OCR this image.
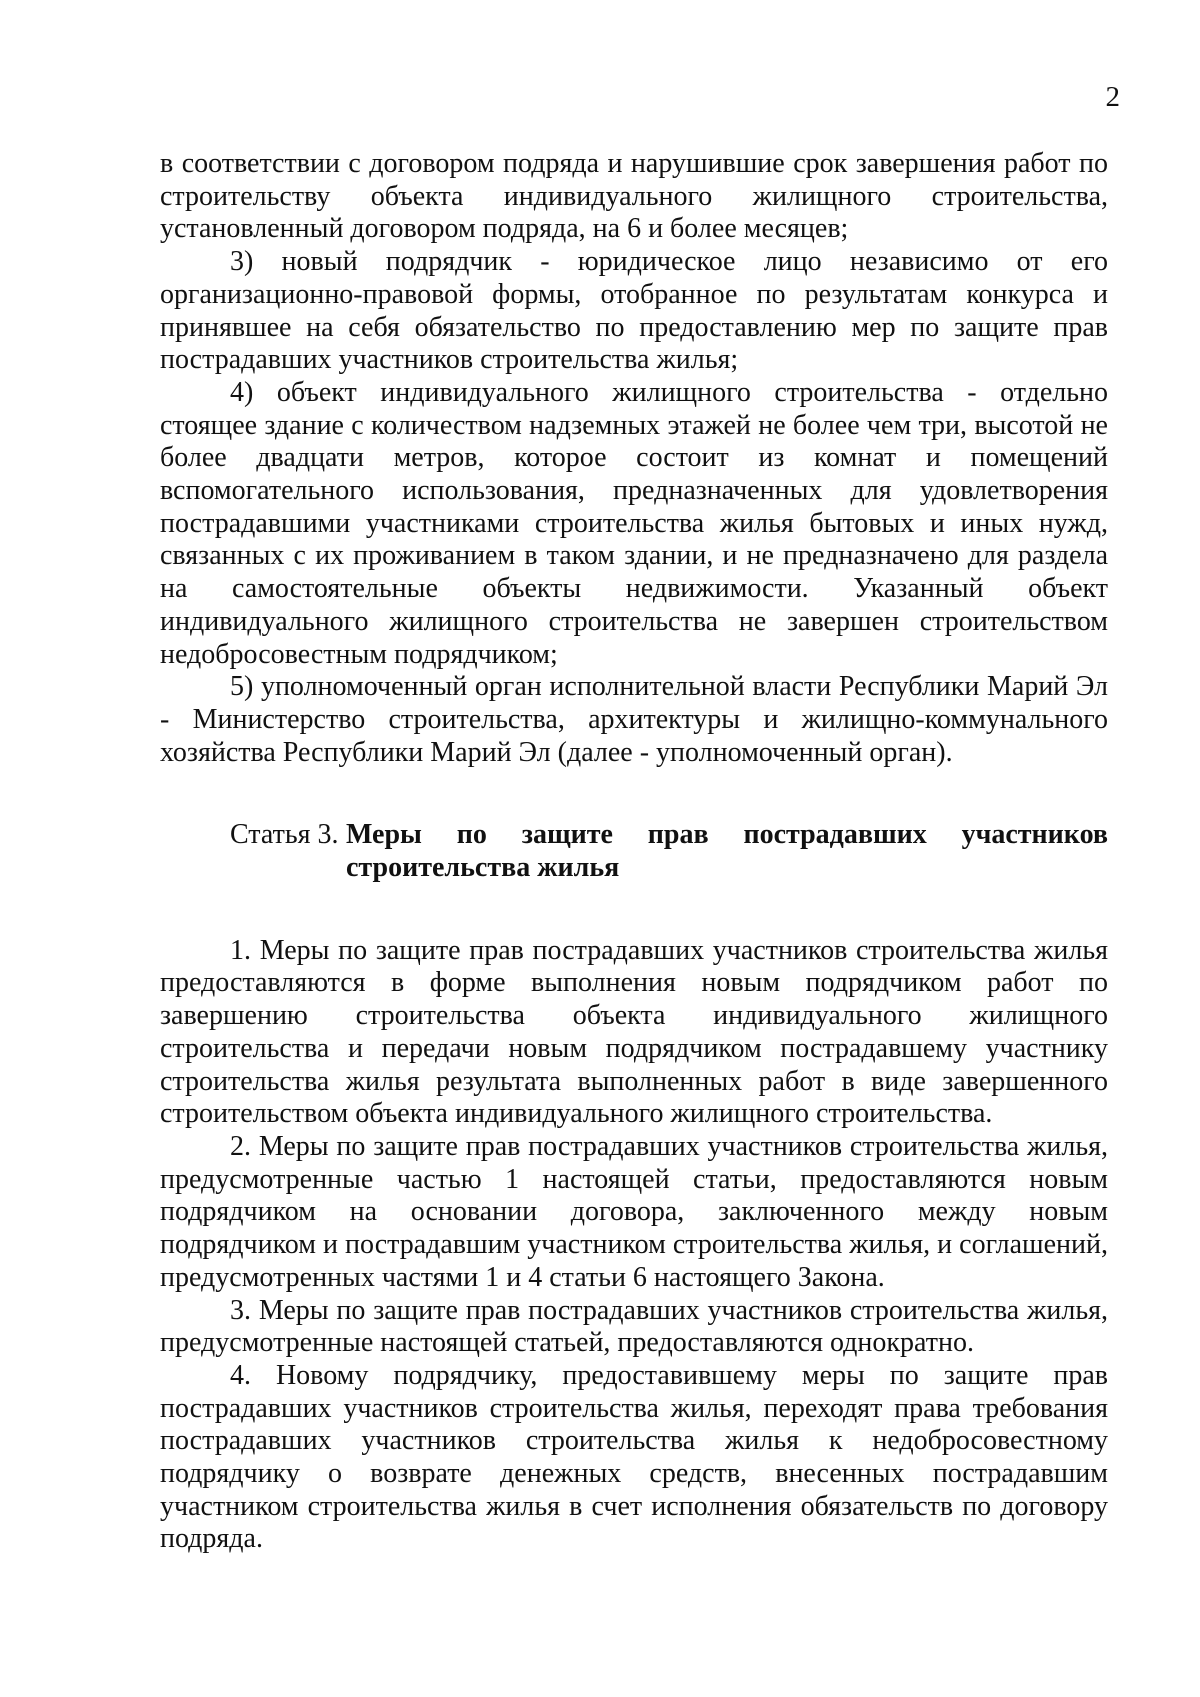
2

в соответствии с договором подряда и нарушившие срок завершения работ по строительству объекта индивидуального жилищного строительства, установленный договором подряда, на 6 и более месяцев;

3) новый подрядчик - юридическое лицо независимо от его организационно-правовой формы, отобранное по результатам конкурса и принявшее на себя обязательство по предоставлению мер по защите прав пострадавших участников строительства жилья;

4) объект индивидуального жилищного строительства - отдельно стоящее здание с количеством надземных этажей не более чем три, высотой не более двадцати метров, которое состоит из комнат и помещений вспомогательного использования, предназначенных для удовлетворения пострадавшими участниками строительства жилья бытовых и иных нужд, связанных с их проживанием в таком здании, и не предназначено для раздела на самостоятельные объекты недвижимости. Указанный объект индивидуального жилищного строительства не завершен строительством недобросовестным подрядчиком;

5) уполномоченный орган исполнительной власти Республики Марий Эл - Министерство строительства, архитектуры и жилищно-коммунального хозяйства Республики Марий Эл (далее - уполномоченный орган).

Статья 3. Меры по защите прав пострадавших участников строительства жилья

1. Меры по защите прав пострадавших участников строительства жилья предоставляются в форме выполнения новым подрядчиком работ по завершению строительства объекта индивидуального жилищного строительства и передачи новым подрядчиком пострадавшему участнику строительства жилья результата выполненных работ в виде завершенного строительством объекта индивидуального жилищного строительства.

2. Меры по защите прав пострадавших участников строительства жилья, предусмотренные частью 1 настоящей статьи, предоставляются новым подрядчиком на основании договора, заключенного между новым подрядчиком и пострадавшим участником строительства жилья, и соглашений, предусмотренных частями 1 и 4 статьи 6 настоящего Закона.

3. Меры по защите прав пострадавших участников строительства жилья, предусмотренные настоящей статьей, предоставляются однократно.

4. Новому подрядчику, предоставившему меры по защите прав пострадавших участников строительства жилья, переходят права требования пострадавших участников строительства жилья к недобросовестному подрядчику о возврате денежных средств, внесенных пострадавшим участником строительства жилья в счет исполнения обязательств по договору подряда.
